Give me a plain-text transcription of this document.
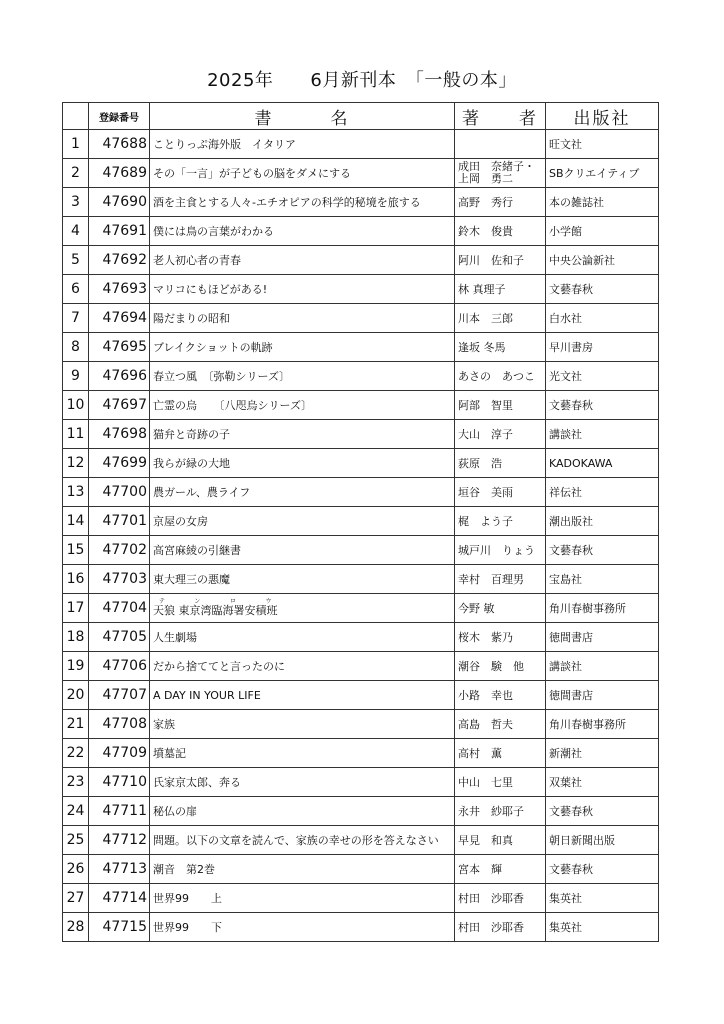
2025年　　6月新刊本　「一般の本」
	登録番号	書　　　名	著　　者	出版社
1	47688	ことりっぷ海外版　イタリア		旺文社
2	47689	その「一言」が子どもの脳をダメにする	成田　奈緒子・上岡　勇二	SBクリエイティブ
3	47690	酒を主食とする人々-エチオピアの科学的秘境を旅する	高野　秀行	本の雑誌社
4	47691	僕には鳥の言葉がわかる	鈴木　俊貴	小学館
5	47692	老人初心者の青春	阿川　佐和子	中央公論新社
6	47693	マリコにもほどがある!	林 真理子	文藝春秋
7	47694	陽だまりの昭和	川本　三郎	白水社
8	47695	ブレイクショットの軌跡	逢坂 冬馬	早川書房
9	47696	春立つ風　〔弥勒シリーズ〕	あさの　あつこ	光文社
10	47697	亡霊の烏　　〔八咫烏シリーズ〕	阿部　智里	文藝春秋
11	47698	猫弁と奇跡の子	大山　淳子	講談社
12	47699	我らが緑の大地	荻原　浩	KADOKAWA
13	47700	農ガール、農ライフ	垣谷　美雨	祥伝社
14	47701	京屋の女房	梶　よう子	潮出版社
15	47702	高宮麻綾の引継書	城戸川　りょう	文藝春秋
16	47703	東大理三の悪魔	幸村　百理男	宝島社
17	47704	天狼 東京湾臨海署安積班テンロウ	今野 敏	角川春樹事務所
18	47705	人生劇場	桜木　紫乃	徳間書店
19	47706	だから捨ててと言ったのに	潮谷　験　他	講談社
20	47707	A DAY IN YOUR LIFE	小路　幸也	徳間書店
21	47708	家族	高島　哲夫	角川春樹事務所
22	47709	墳墓記	高村　薫	新潮社
23	47710	氏家京太郎、奔る	中山　七里	双葉社
24	47711	秘仏の扉	永井　紗耶子	文藝春秋
25	47712	問題。以下の文章を読んで、家族の幸せの形を答えなさい	早見　和真	朝日新聞出版
26	47713	潮音　第2巻	宮本　輝	文藝春秋
27	47714	世界99　　上	村田　沙耶香	集英社
28	47715	世界99　　下	村田　沙耶香	集英社
